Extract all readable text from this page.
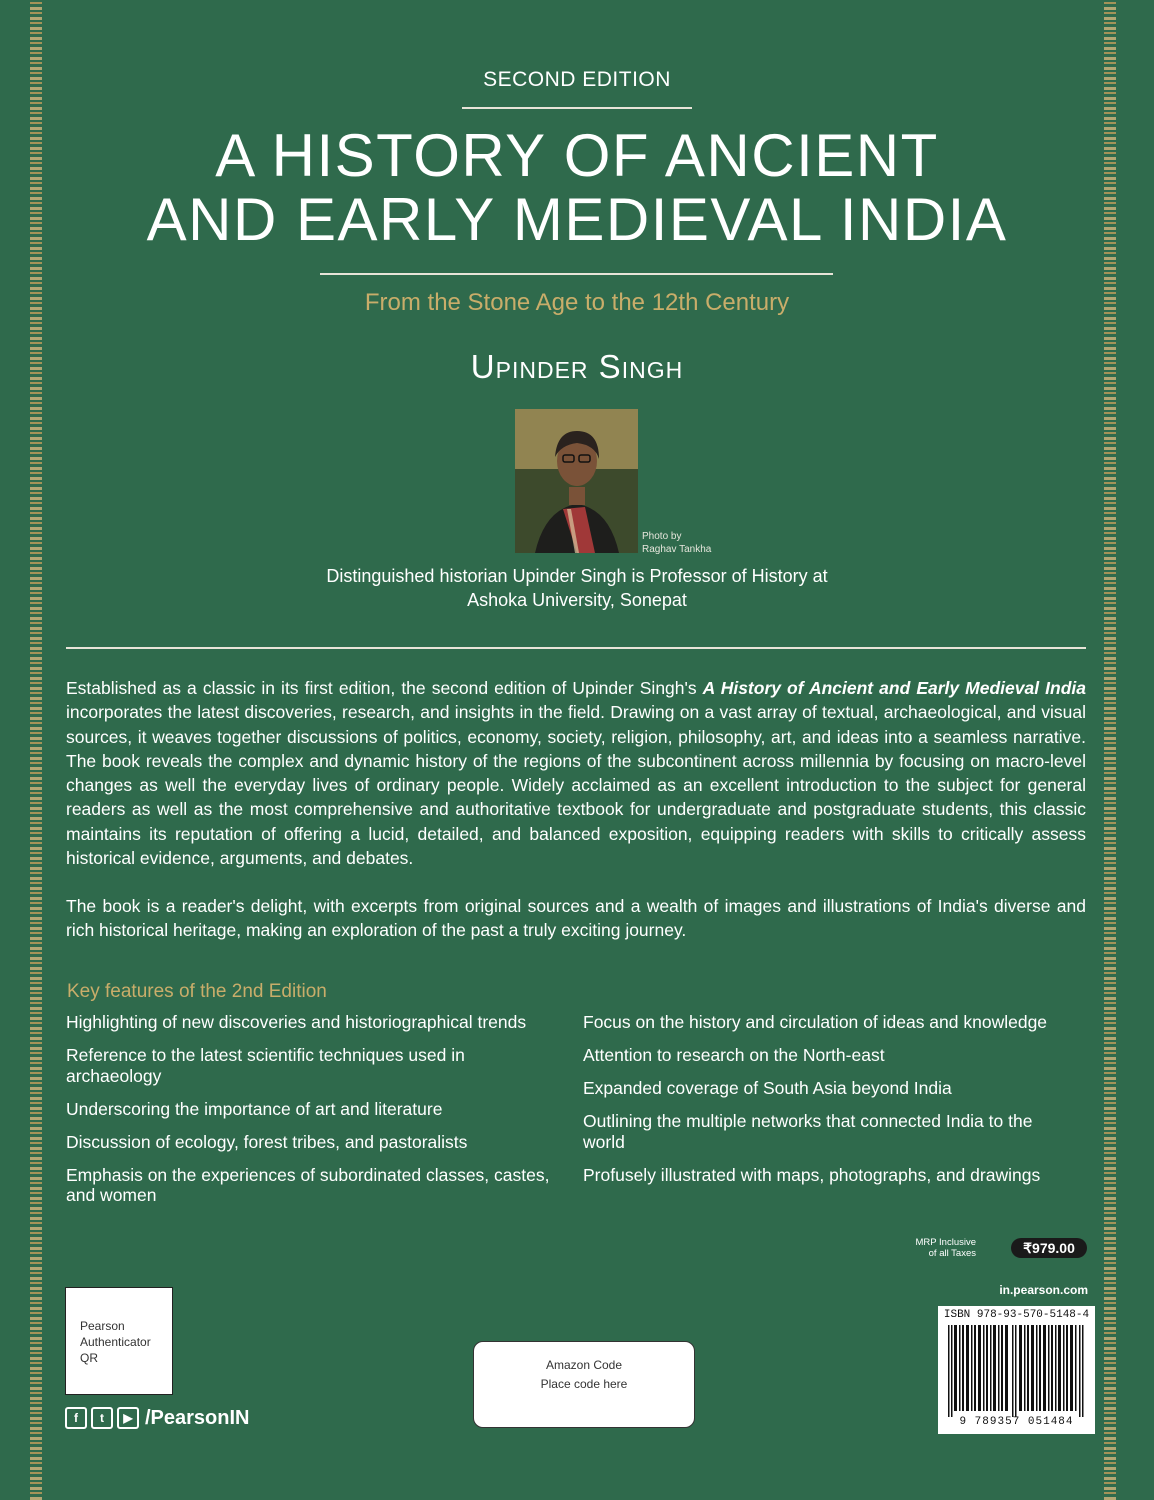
SECOND EDITION
A HISTORY OF ANCIENT
AND EARLY MEDIEVAL INDIA
From the Stone Age to the 12th Century
Upinder Singh
Photo by
Raghav Tankha
Distinguished historian Upinder Singh is Professor of History at
Ashoka University, Sonepat
Established as a classic in its first edition, the second edition of Upinder Singh's A History of Ancient and Early Medieval India incorporates the latest discoveries, research, and insights in the field. Drawing on a vast array of textual, archaeological, and visual sources, it weaves together discussions of politics, economy, society, religion, philosophy, art, and ideas into a seamless narrative. The book reveals the complex and dynamic history of the regions of the subcontinent across millennia by focusing on macro-level changes as well the everyday lives of ordinary people. Widely acclaimed as an excellent introduction to the subject for general readers as well as the most comprehensive and authoritative textbook for undergraduate and postgraduate students, this classic maintains its reputation of offering a lucid, detailed, and balanced exposition, equipping readers with skills to critically assess historical evidence, arguments, and debates.
The book is a reader's delight, with excerpts from original sources and a wealth of images and illustrations of India's diverse and rich historical heritage, making an exploration of the past a truly exciting journey.
Key features of the 2nd Edition
Highlighting of new discoveries and historiographical trends
Reference to the latest scientific techniques used in archaeology
Underscoring the importance of art and literature
Discussion of ecology, forest tribes, and pastoralists
Emphasis on the experiences of subordinated classes, castes, and women
Focus on the history and circulation of ideas and knowledge
Attention to research on the North-east
Expanded coverage of South Asia beyond India
Outlining the multiple networks that connected India to the world
Profusely illustrated with maps, photographs, and drawings
MRP Inclusive
of all Taxes	₹979.00
in.pearson.com
ISBN 978-93-570-5148-4
9 789357 051484
Pearson
Authenticator
QR	Amazon Code
Place code here
f	t	▶ /PearsonIN
